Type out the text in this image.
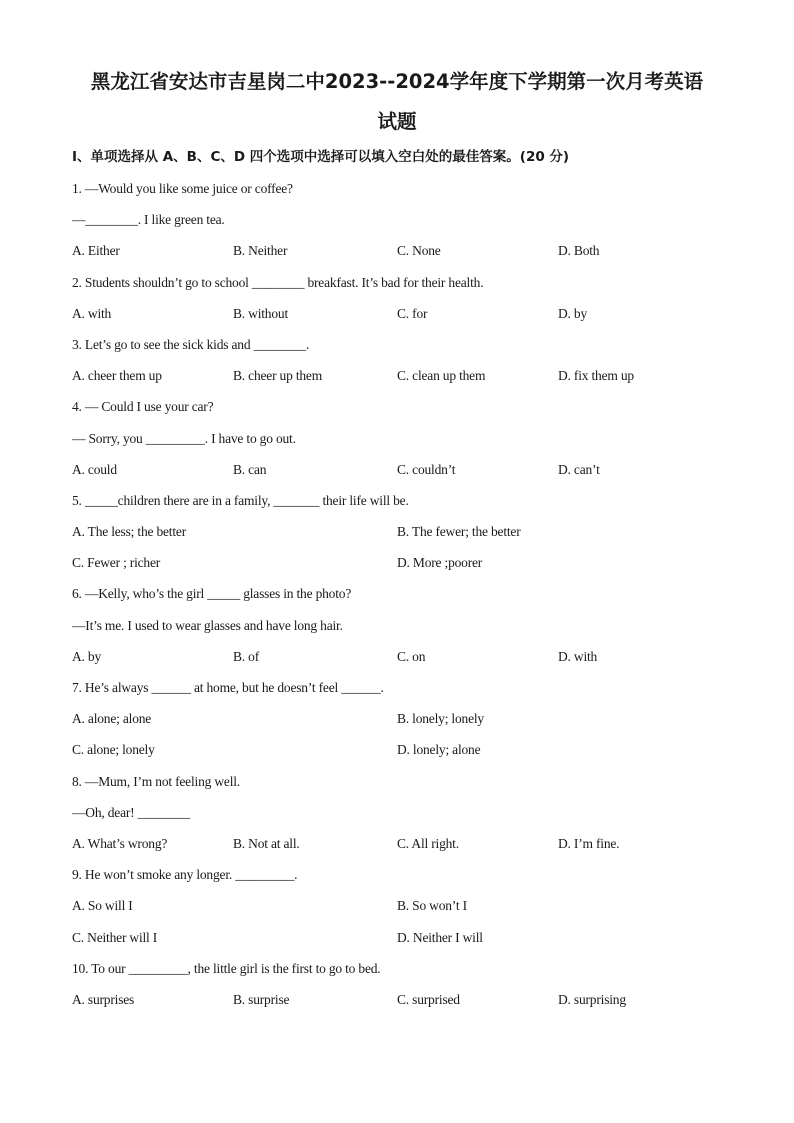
黑龙江省安达市吉星岗二中2023--2024学年度下学期第一次月考英语
试题
Ⅰ、单项选择从 A、B、C、D 四个选项中选择可以填入空白处的最佳答案。(20 分)
1. —Would you like some juice or coffee?
—________. I like green tea.
A. Either	B. Neither	C. None	D. Both
2. Students shouldn’t go to school ________ breakfast. It’s bad for their health.
A. with	B. without	C. for	D. by
3. Let’s go to see the sick kids and ________.
A. cheer them up	B. cheer up them	C. clean up them	D. fix them up
4. — Could I use your car?
— Sorry, you _________. I have to go out.
A. could	B. can	C. couldn’t	D. can’t
5. _____children there are in a family, _______ their life will be.
A. The less; the better	B. The fewer; the better
C. Fewer ; richer	D. More ;poorer
6. —Kelly, who’s the girl _____ glasses in the photo?
—It’s me. I used to wear glasses and have long hair.
A. by	B. of	C. on	D. with
7. He’s always ______ at home, but he doesn’t feel ______.
A. alone; alone	B. lonely; lonely
C. alone; lonely	D. lonely; alone
8. —Mum, I’m not feeling well.
—Oh, dear! ________
A. What’s wrong?	B. Not at all.	C. All right.	D. I’m fine.
9. He won’t smoke any longer. _________.
A. So will I	B. So won’t I
C. Neither will I	D. Neither I will
10. To our _________, the little girl is the first to go to bed.
A. surprises	B. surprise	C. surprised	D. surprising
